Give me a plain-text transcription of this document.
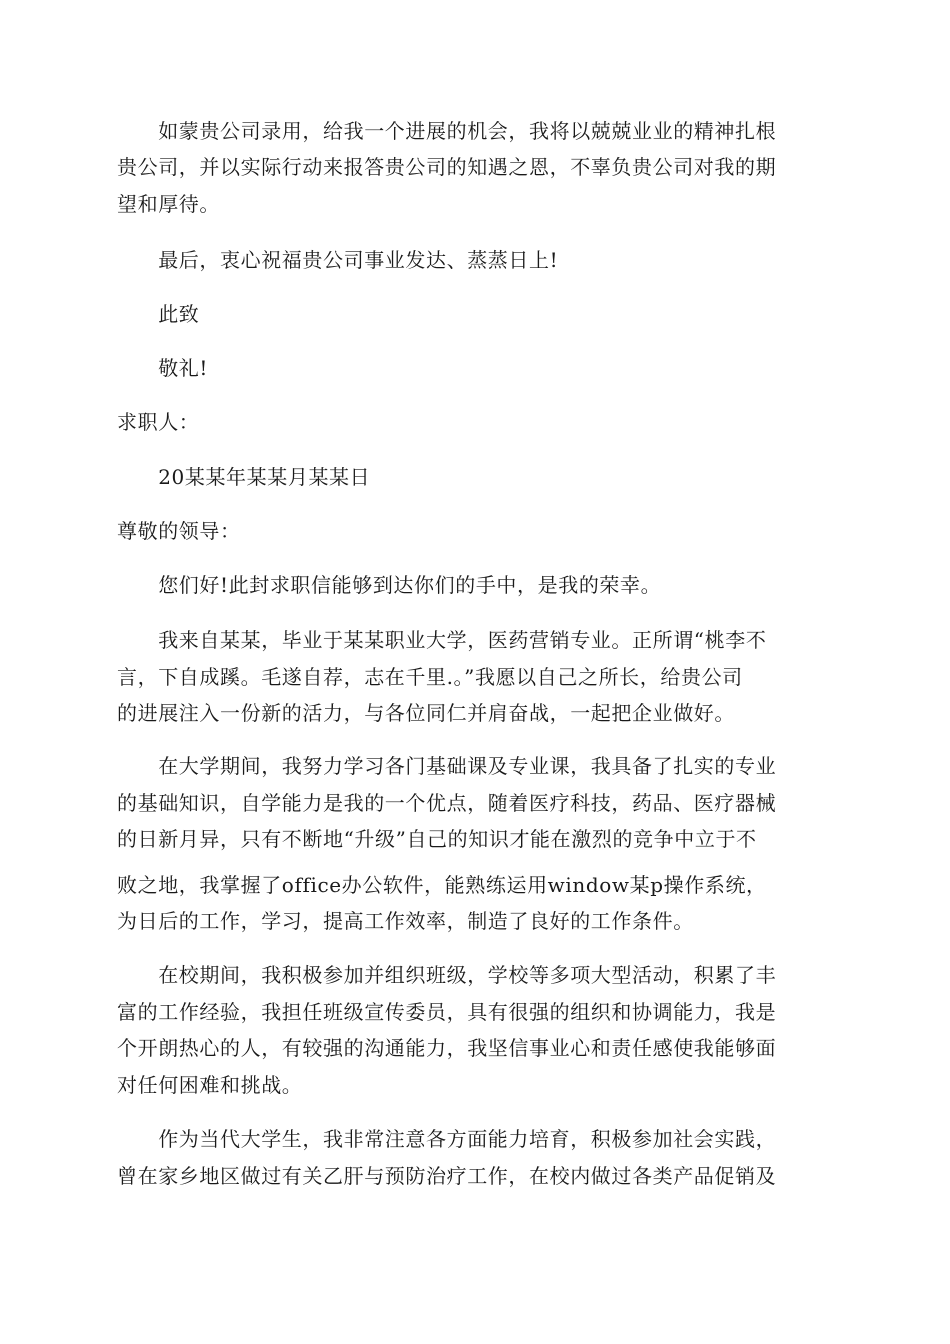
　　如蒙贵公司录用，给我一个进展的机会，我将以兢兢业业的精神扎根
贵公司，并以实际行动来报答贵公司的知遇之恩，不辜负贵公司对我的期
望和厚待。
　　最后，衷心祝福贵公司事业发达、蒸蒸日上!
　　此致
　　敬礼!
求职人：
　　20某某年某某月某某日
尊敬的领导：
　　您们好!此封求职信能够到达你们的手中，是我的荣幸。
　　我来自某某，毕业于某某职业大学，医药营销专业。正所谓“桃李不
言，下自成蹊。毛遂自荐，志在千里.。”我愿以自己之所长，给贵公司
的进展注入一份新的活力，与各位同仁并肩奋战，一起把企业做好。
　　在大学期间，我努力学习各门基础课及专业课，我具备了扎实的专业
的基础知识，自学能力是我的一个优点，随着医疗科技，药品、医疗器械
的日新月异，只有不断地“升级”自己的知识才能在激烈的竞争中立于不
败之地，我掌握了office办公软件，能熟练运用window某p操作系统，
为日后的工作，学习，提高工作效率，制造了良好的工作条件。
　　在校期间，我积极参加并组织班级，学校等多项大型活动，积累了丰
富的工作经验，我担任班级宣传委员，具有很强的组织和协调能力，我是
个开朗热心的人，有较强的沟通能力，我坚信事业心和责任感使我能够面
对任何困难和挑战。
　　作为当代大学生，我非常注意各方面能力培育，积极参加社会实践，
曾在家乡地区做过有关乙肝与预防治疗工作，在校内做过各类产品促销及
